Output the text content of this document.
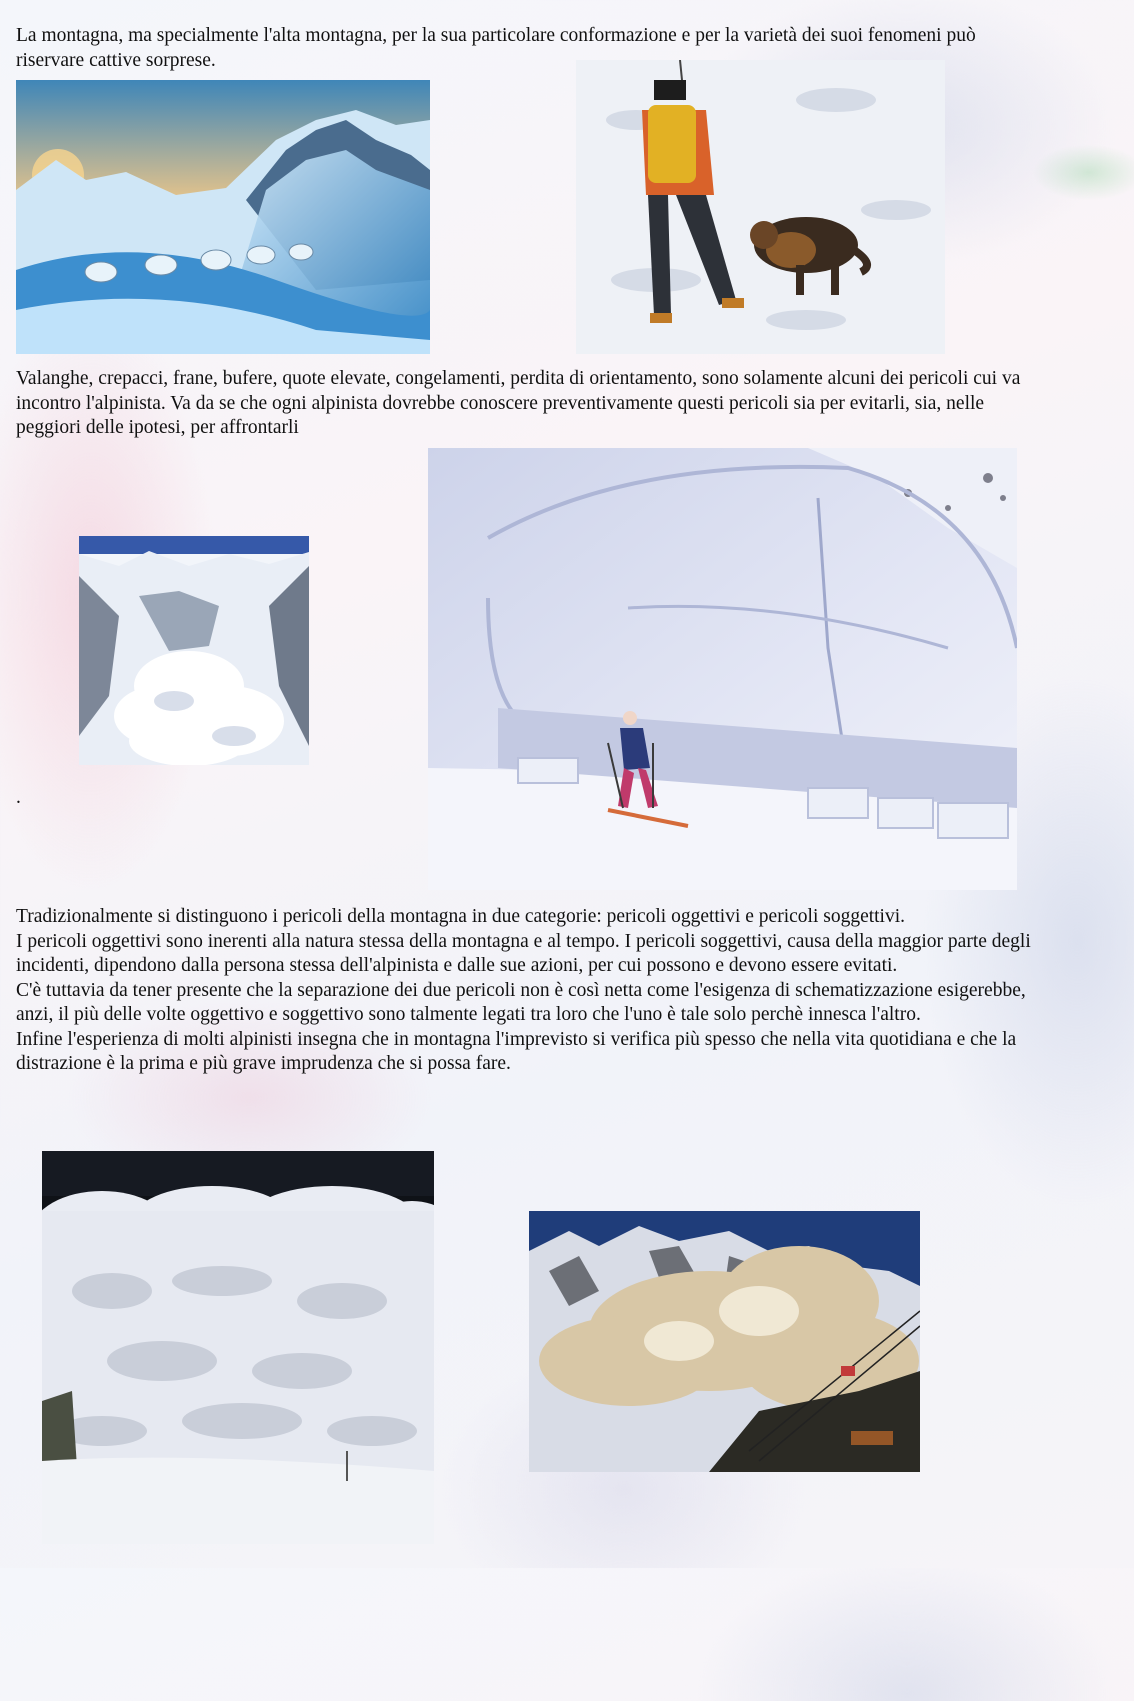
La montagna, ma specialmente l'alta montagna, per la sua particolare conformazione e per la varietà dei suoi fenomeni può riservare cattive sorprese.

Valanghe, crepacci, frane, bufere, quote elevate, congelamenti, perdita di orientamento, sono solamente alcuni dei pericoli cui va incontro l'alpinista. Va da se che ogni alpinista dovrebbe conoscere preventivamente questi pericoli sia per evitarli, sia, nelle peggiori delle ipotesi, per affrontarli

.

Tradizionalmente si distinguono i pericoli della montagna in due categorie: pericoli oggettivi e pericoli soggettivi.
I pericoli oggettivi sono inerenti alla natura stessa della montagna e al tempo. I pericoli soggettivi, causa della maggior parte degli incidenti, dipendono dalla persona stessa dell'alpinista e dalle sue azioni, per cui possono e devono essere evitati.
C'è tuttavia da tener presente che la separazione dei due pericoli non è così netta come l'esigenza di schematizzazione esigerebbe, anzi, il più delle volte oggettivo e soggettivo sono talmente legati tra loro che l'uno è tale solo perchè innesca l'altro.
Infine l'esperienza di molti alpinisti insegna che in montagna l'imprevisto si verifica più spesso che nella vita quotidiana e che la distrazione è la prima e più grave imprudenza che si possa fare.
